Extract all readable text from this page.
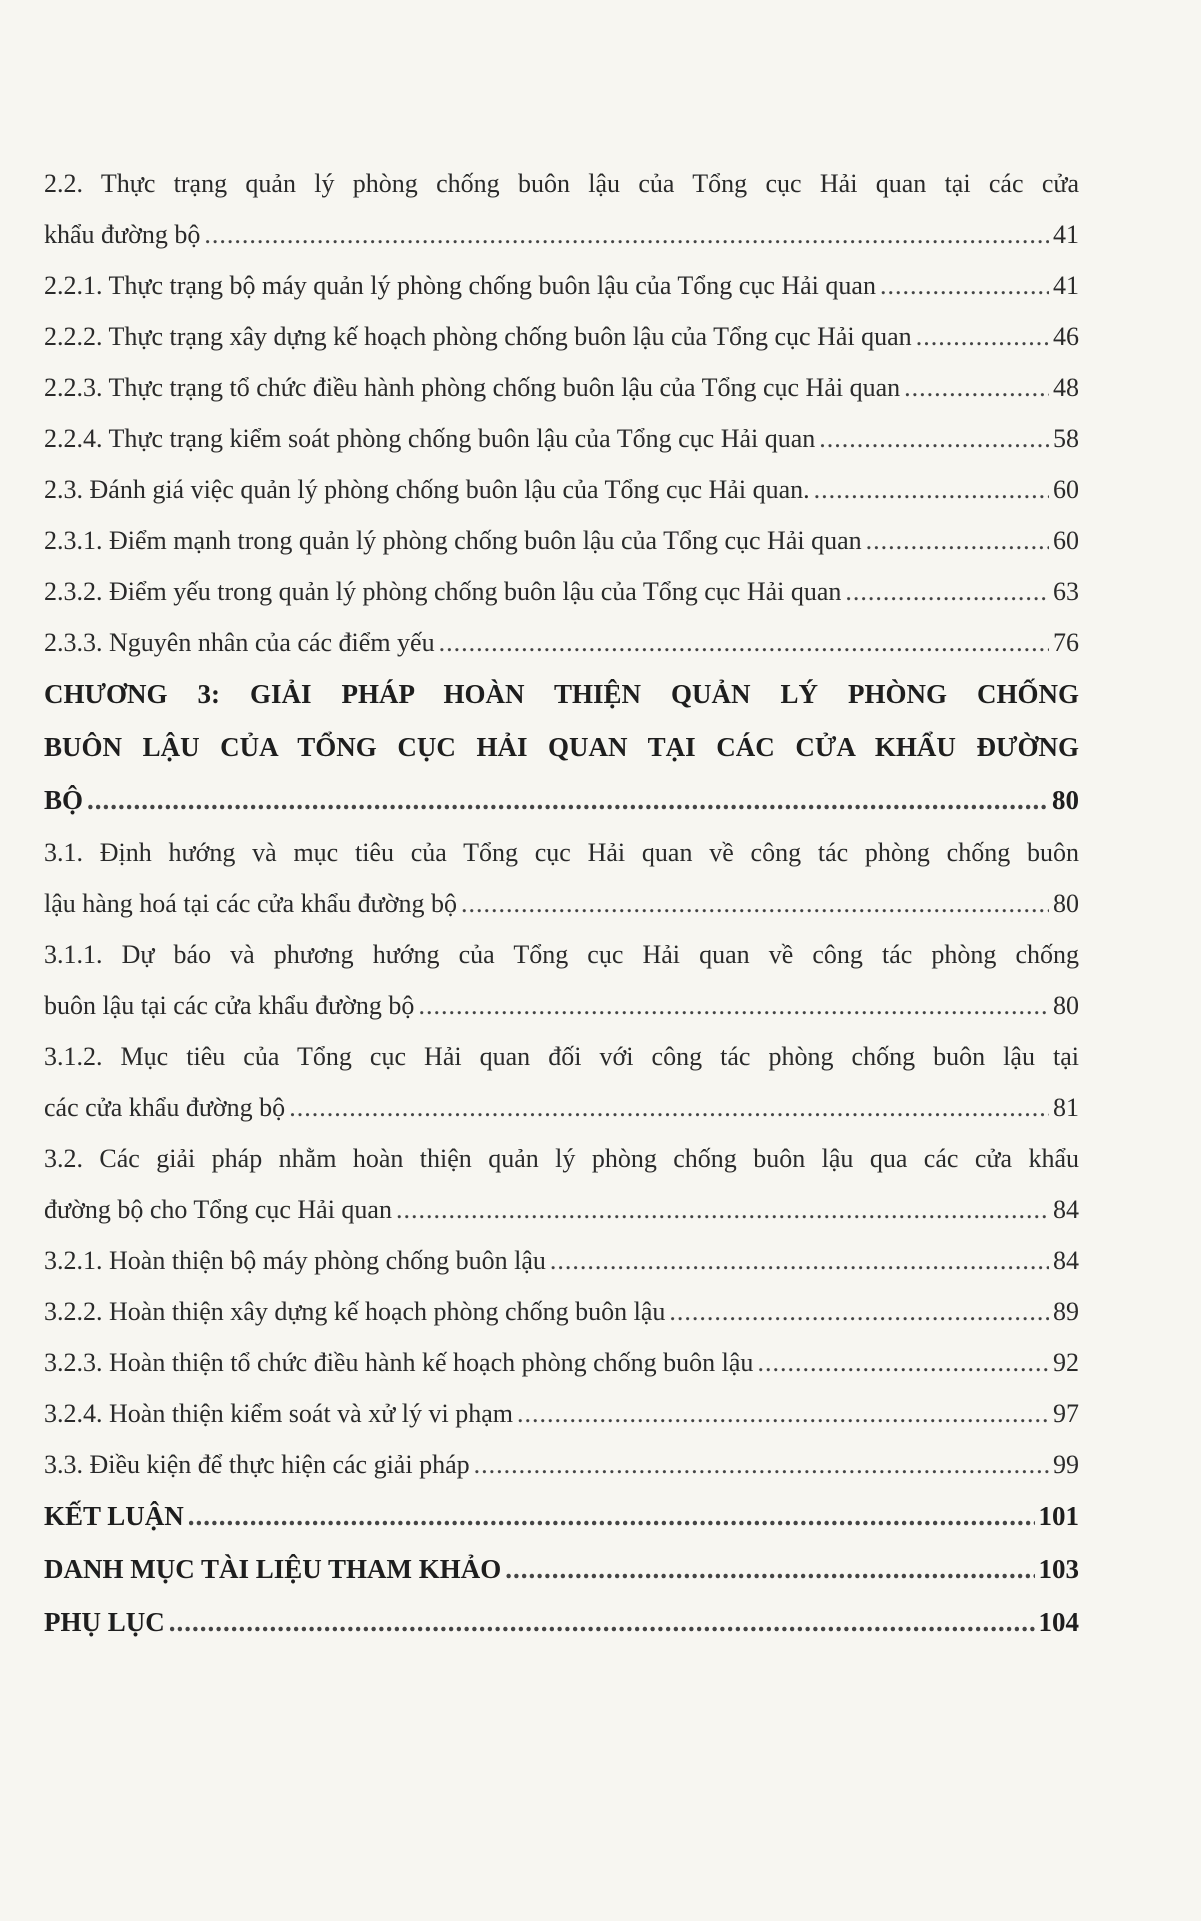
2.2. Thực trạng quản lý phòng chống buôn lậu của Tổng cục Hải quan tại các cửa
khẩu đường bộ .....	41
2.2.1. Thực trạng bộ máy quản lý phòng chống buôn lậu của Tổng cục Hải quan .....	41
2.2.2. Thực trạng xây dựng kế hoạch phòng chống buôn lậu của Tổng cục Hải quan .....	46
2.2.3. Thực trạng tổ chức điều hành phòng chống buôn lậu của Tổng cục Hải quan .....	48
2.2.4. Thực trạng kiểm soát phòng chống buôn lậu của Tổng cục Hải quan .....	58
2.3. Đánh giá việc quản lý phòng chống buôn lậu của Tổng cục Hải quan. .....	60
2.3.1. Điểm mạnh trong quản lý phòng chống buôn lậu của Tổng cục Hải quan .....	60
2.3.2. Điểm yếu trong quản lý phòng chống buôn lậu của Tổng cục Hải quan .....	63
2.3.3. Nguyên nhân của các điểm yếu .....	76
CHƯƠNG 3: GIẢI PHÁP HOÀN THIỆN QUẢN LÝ PHÒNG CHỐNG
BUÔN LẬU CỦA TỔNG CỤC HẢI QUAN TẠI CÁC CỬA KHẨU ĐƯỜNG
BỘ .....	80
3.1. Định hướng và mục tiêu của Tổng cục Hải quan về công tác phòng chống buôn
lậu hàng hoá tại các cửa khẩu đường bộ .....	80
3.1.1. Dự báo và phương hướng của Tổng cục Hải quan về công tác phòng chống
buôn lậu tại các cửa khẩu đường bộ .....	80
3.1.2. Mục tiêu của Tổng cục Hải quan đối với công tác phòng chống buôn lậu tại
các cửa khẩu đường bộ .....	81
3.2. Các giải pháp nhằm hoàn thiện quản lý phòng chống buôn lậu qua các cửa khẩu
đường bộ cho Tổng cục Hải quan .....	84
3.2.1. Hoàn thiện bộ máy phòng chống buôn lậu .....	84
3.2.2. Hoàn thiện xây dựng kế hoạch phòng chống buôn lậu .....	89
3.2.3. Hoàn thiện tổ chức điều hành kế hoạch phòng chống buôn lậu .....	92
3.2.4. Hoàn thiện kiểm soát và xử lý vi phạm .....	97
3.3. Điều kiện để thực hiện các giải pháp .....	99
KẾT LUẬN .....	101
DANH MỤC TÀI LIỆU THAM KHẢO .....	103
PHỤ LỤC .....	104
